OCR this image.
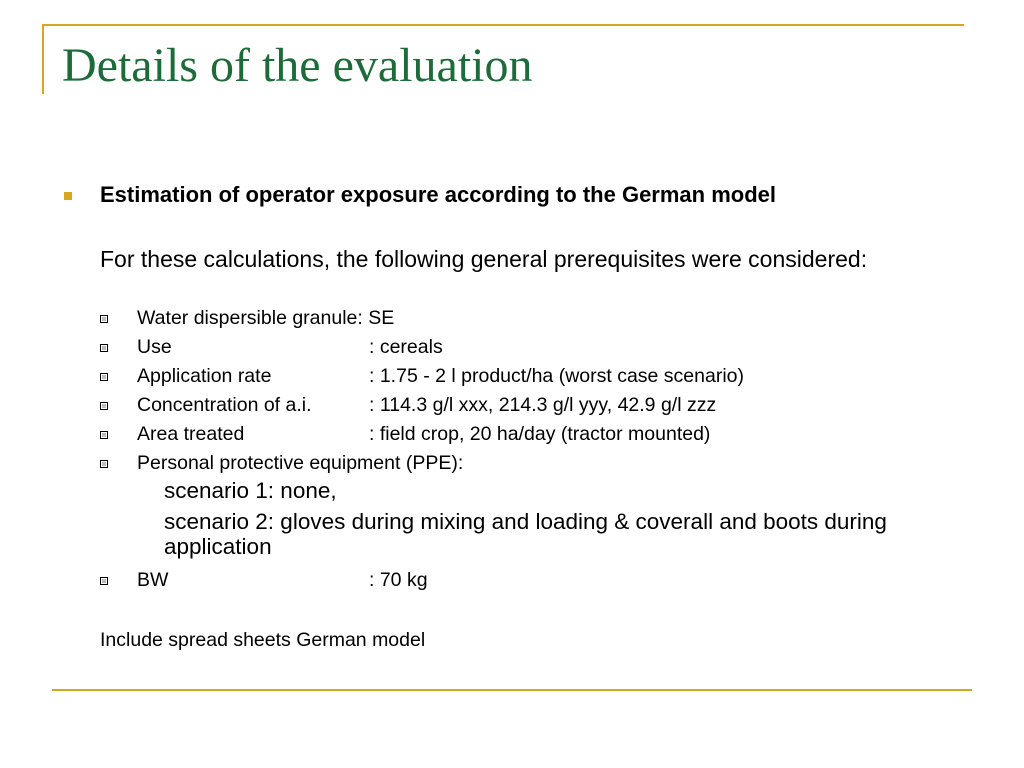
Details of the evaluation
Estimation of operator exposure according to the German model
For these calculations, the following general prerequisites were considered:
Water dispersible granule: SE
Use	: cereals
Application rate	: 1.75 - 2 l product/ha (worst case scenario)
Concentration of a.i.	: 114.3 g/l xxx, 214.3 g/l yyy, 42.9 g/l zzz
Area treated	: field crop, 20 ha/day (tractor mounted)
Personal protective equipment (PPE):

scenario 1: none,

scenario 2: gloves during mixing and loading & coverall and boots during application

BW	: 70 kg
Include spread sheets German model
